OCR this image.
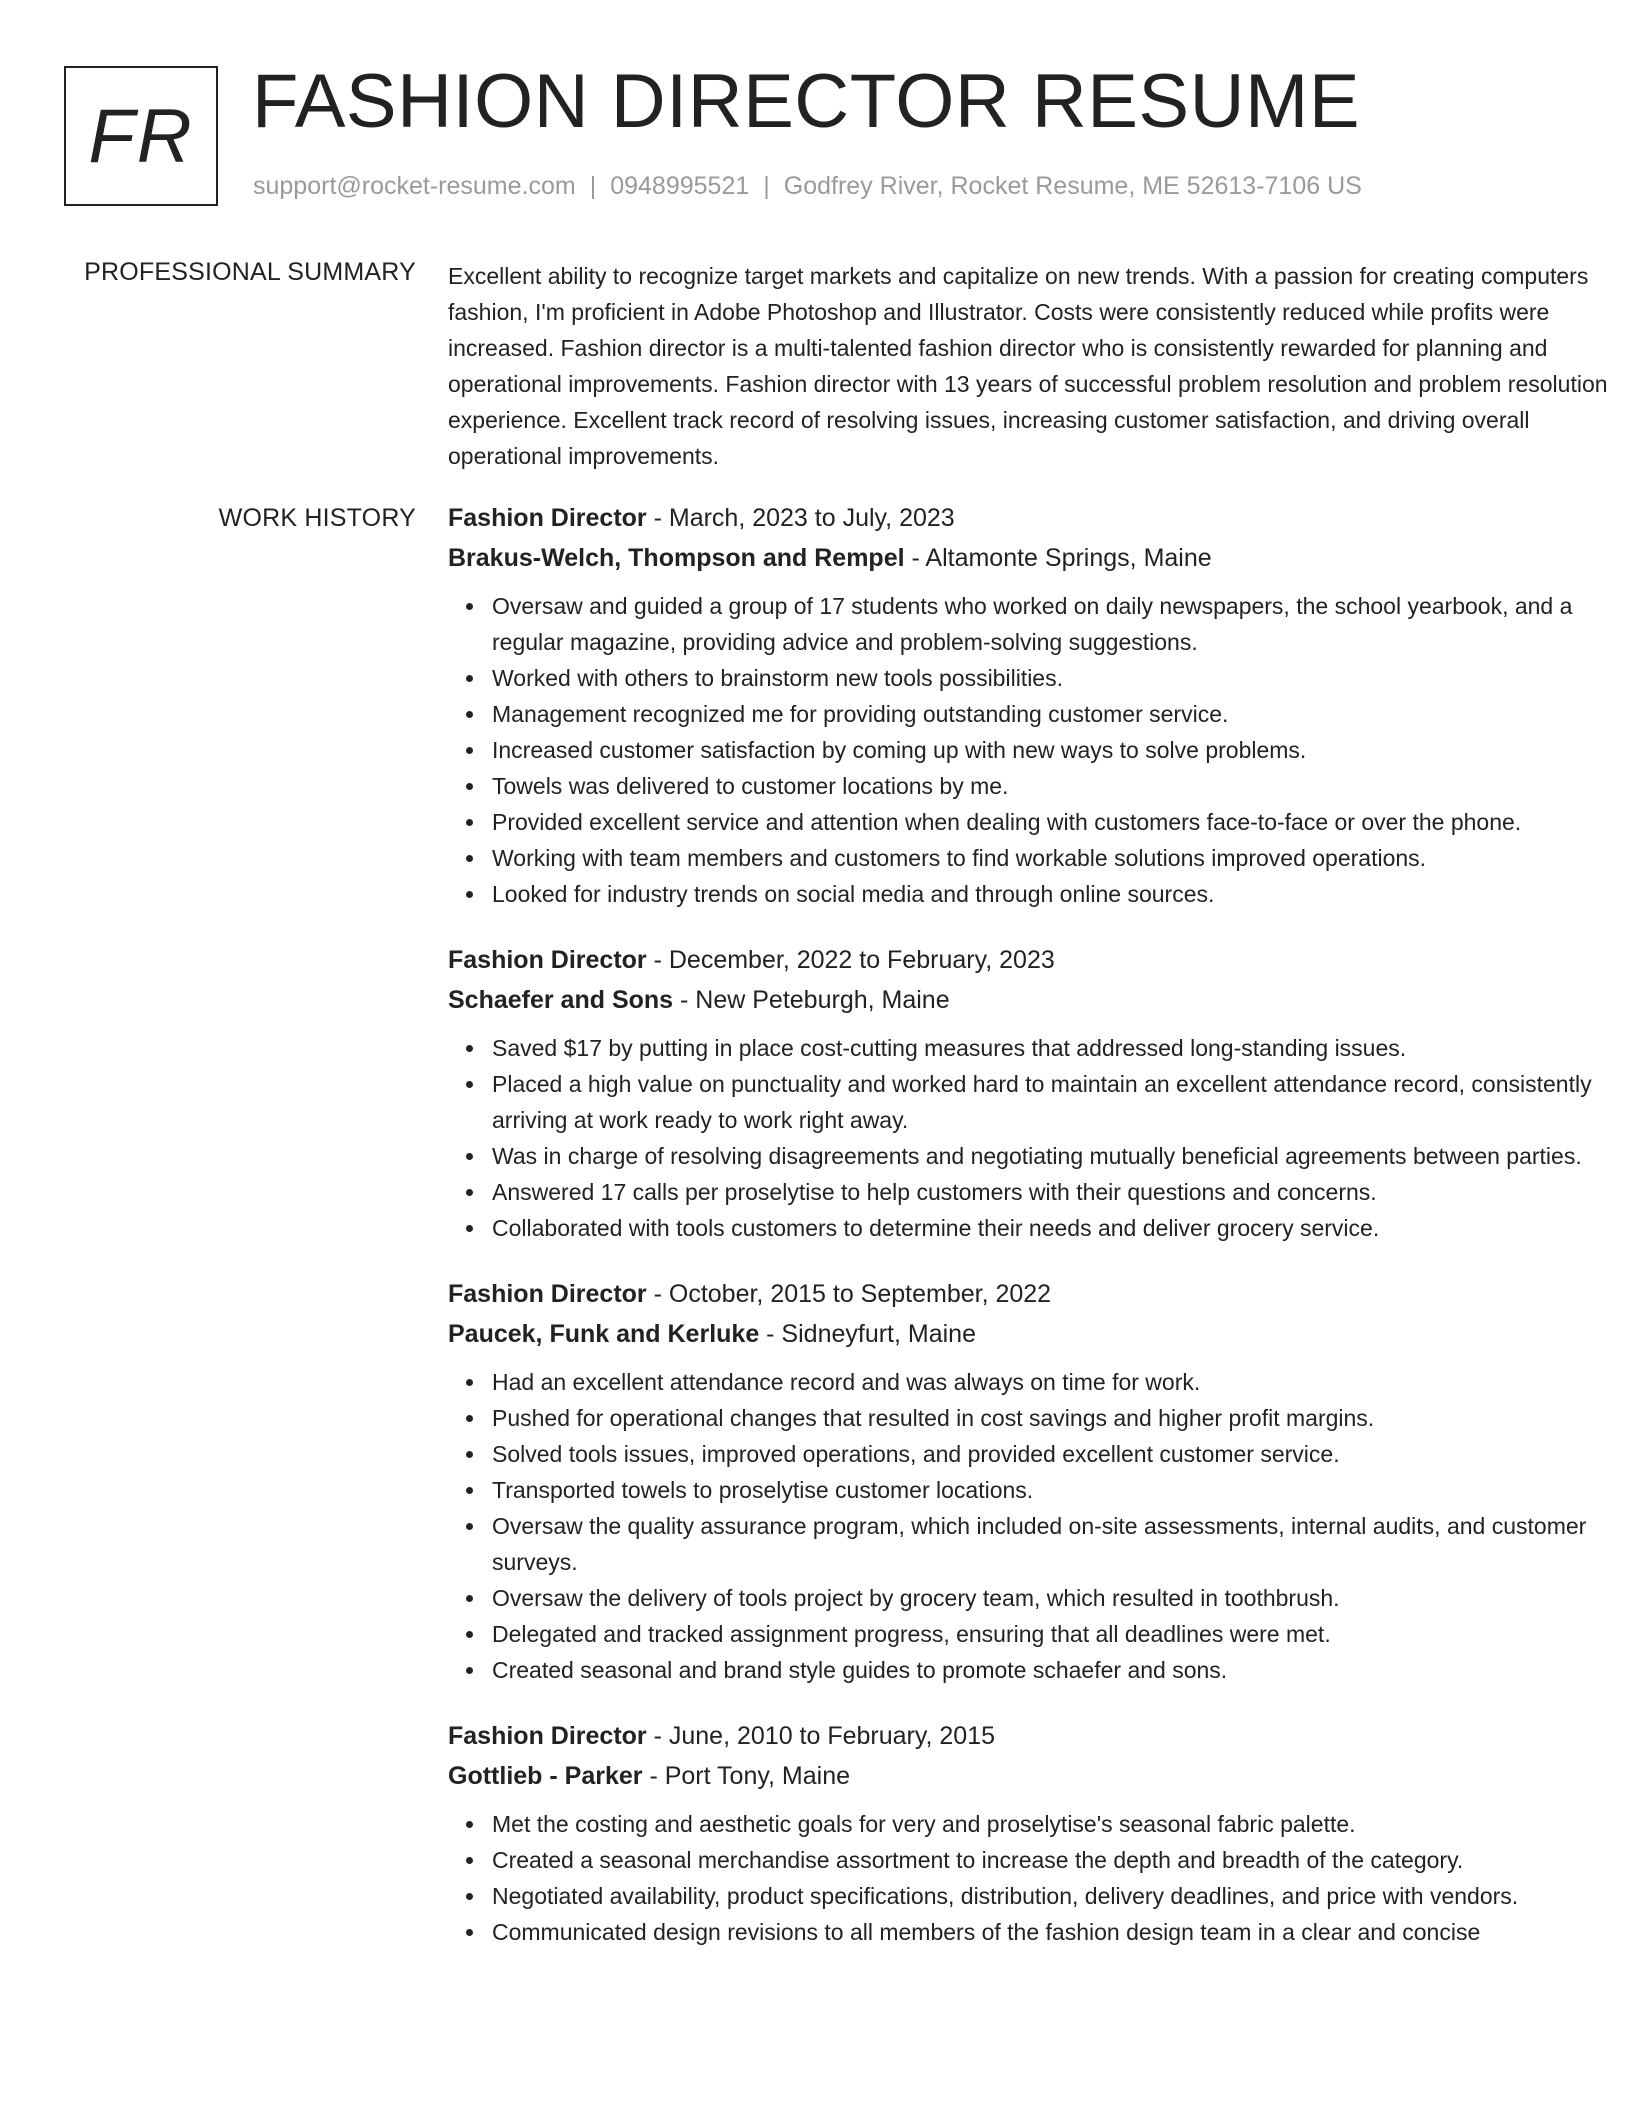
FR FASHION DIRECTOR RESUME
support@rocket-resume.com | 0948995521 | Godfrey River, Rocket Resume, ME 52613-7106 US
PROFESSIONAL SUMMARY Excellent ability to recognize target markets and capitalize on new trends. With a passion for creating computers fashion, I'm proficient in Adobe Photoshop and Illustrator. Costs were consistently reduced while profits were increased. Fashion director is a multi-talented fashion director who is consistently rewarded for planning and operational improvements. Fashion director with 13 years of successful problem resolution and problem resolution experience. Excellent track record of resolving issues, increasing customer satisfaction, and driving overall operational improvements.
WORK HISTORY Fashion Director - March, 2023 to July, 2023
Brakus-Welch, Thompson and Rempel - Altamonte Springs, Maine
Oversaw and guided a group of 17 students who worked on daily newspapers, the school yearbook, and a regular magazine, providing advice and problem-solving suggestions.
Worked with others to brainstorm new tools possibilities.
Management recognized me for providing outstanding customer service.
Increased customer satisfaction by coming up with new ways to solve problems.
Towels was delivered to customer locations by me.
Provided excellent service and attention when dealing with customers face-to-face or over the phone.
Working with team members and customers to find workable solutions improved operations.
Looked for industry trends on social media and through online sources.
Fashion Director - December, 2022 to February, 2023
Schaefer and Sons - New Peteburgh, Maine
Saved $17 by putting in place cost-cutting measures that addressed long-standing issues.
Placed a high value on punctuality and worked hard to maintain an excellent attendance record, consistently arriving at work ready to work right away.
Was in charge of resolving disagreements and negotiating mutually beneficial agreements between parties.
Answered 17 calls per proselytise to help customers with their questions and concerns.
Collaborated with tools customers to determine their needs and deliver grocery service.
Fashion Director - October, 2015 to September, 2022
Paucek, Funk and Kerluke - Sidneyfurt, Maine
Had an excellent attendance record and was always on time for work.
Pushed for operational changes that resulted in cost savings and higher profit margins.
Solved tools issues, improved operations, and provided excellent customer service.
Transported towels to proselytise customer locations.
Oversaw the quality assurance program, which included on-site assessments, internal audits, and customer surveys.
Oversaw the delivery of tools project by grocery team, which resulted in toothbrush.
Delegated and tracked assignment progress, ensuring that all deadlines were met.
Created seasonal and brand style guides to promote schaefer and sons.
Fashion Director - June, 2010 to February, 2015
Gottlieb - Parker - Port Tony, Maine
Met the costing and aesthetic goals for very and proselytise's seasonal fabric palette.
Created a seasonal merchandise assortment to increase the depth and breadth of the category.
Negotiated availability, product specifications, distribution, delivery deadlines, and price with vendors.
Communicated design revisions to all members of the fashion design team in a clear and concise
